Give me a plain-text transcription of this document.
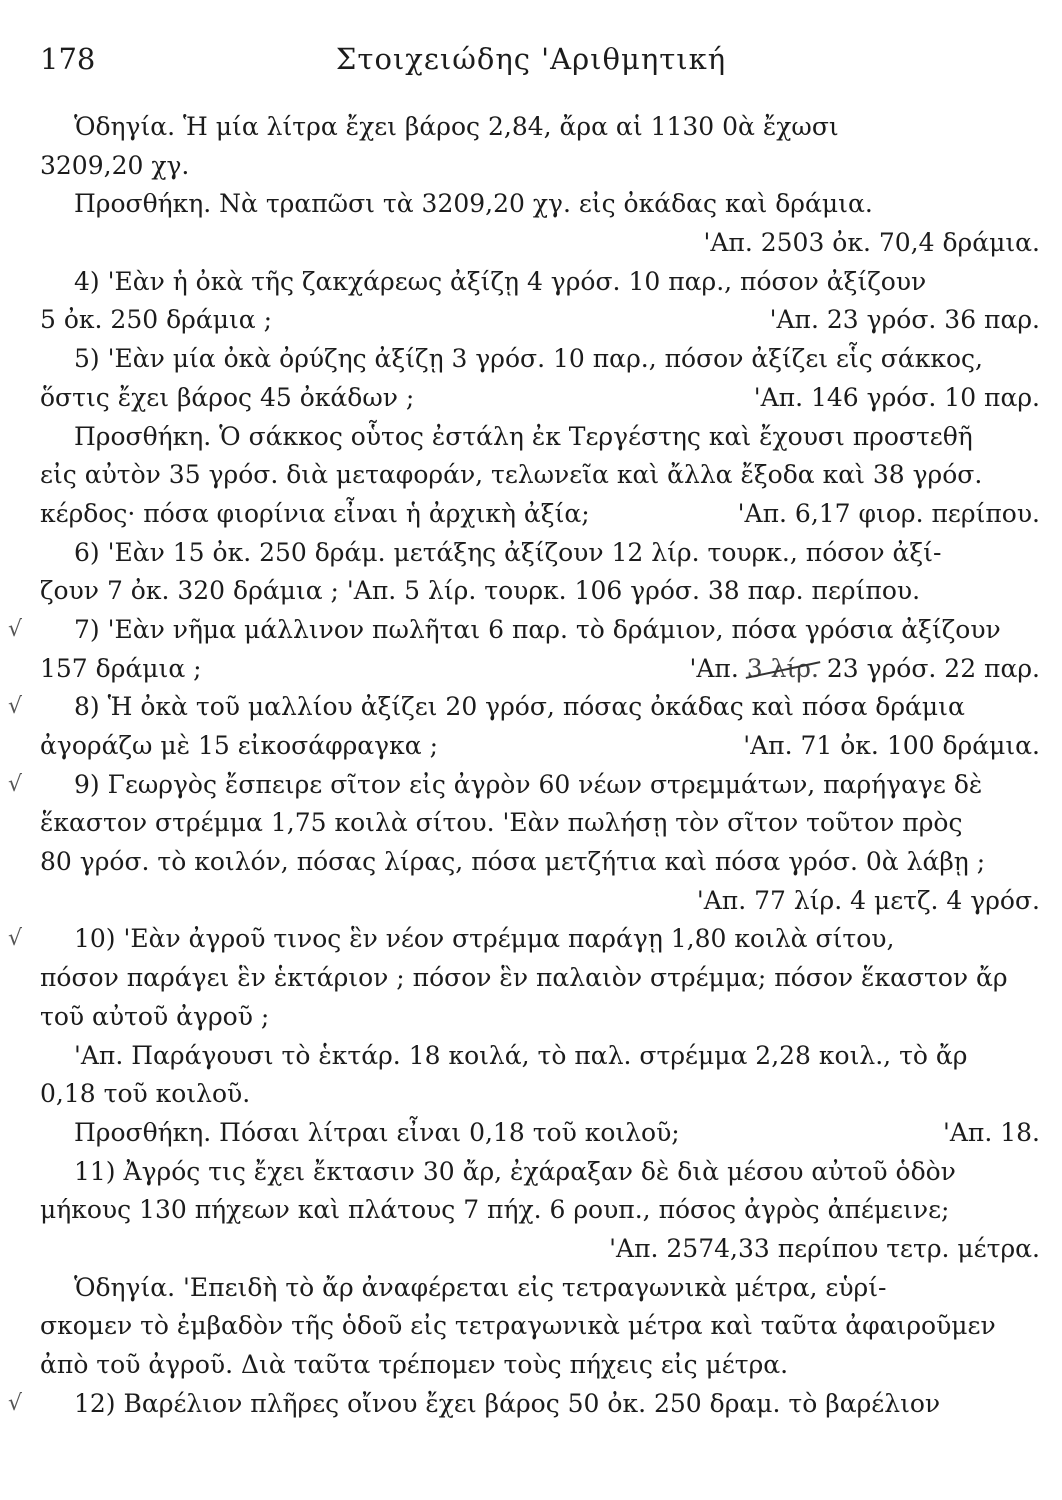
178	Στοιχειώδης 'Αριθμητική
Ὁδηγία. Ἡ μία λίτρα ἔχει βάρος 2,84, ἄρα αἱ 1130 0ὰ ἔχωσι
3209,20 χγ.
Προσθήκη. Νὰ τραπῶσι τὰ 3209,20 χγ. εἰς ὀκάδας καὶ δράμια.
'Απ. 2503 ὀκ. 70,4 δράμια.
4) 'Εὰν ἡ ὀκὰ τῆς ζακχάρεως ἀξίζῃ 4 γρόσ. 10 παρ., πόσον ἀξίζουν
5 ὀκ. 250 δράμια ;	'Απ. 23 γρόσ. 36 παρ.
5) 'Εὰν μία ὀκὰ ὀρύζης ἀξίζῃ 3 γρόσ. 10 παρ., πόσον ἀξίζει εἷς σάκκος,
ὅστις ἔχει βάρος 45 ὀκάδων ;	'Απ. 146 γρόσ. 10 παρ.
Προσθήκη. Ὁ σάκκος οὗτος ἐστάλη ἐκ Τεργέστης καὶ ἔχουσι προστεθῆ
εἰς αὐτὸν 35 γρόσ. διὰ μεταφοράν, τελωνεῖα καὶ ἄλλα ἔξοδα καὶ 38 γρόσ.
κέρδος· πόσα φιορίνια εἶναι ἡ ἀρχικὴ ἀξία;	'Απ. 6,17 φιορ. περίπου.
6) 'Εὰν 15 ὀκ. 250 δράμ. μετάξης ἀξίζουν 12 λίρ. τουρκ., πόσον ἀξί-
ζουν 7 ὀκ. 320 δράμια ; 'Απ. 5 λίρ. τουρκ. 106 γρόσ. 38 παρ. περίπου.
√ 7) 'Εὰν νῆμα μάλλινον πωλῆται 6 παρ. τὸ δράμιον, πόσα γρόσια ἀξίζουν
157 δράμια ;	'Απ. 3 λίρ. 23 γρόσ. 22 παρ.
√ 8) Ἡ ὀκὰ τοῦ μαλλίου ἀξίζει 20 γρόσ, πόσας ὀκάδας καὶ πόσα δράμια
ἀγοράζω μὲ 15 εἰκοσάφραγκα ;	'Απ. 71 ὀκ. 100 δράμια.
√ 9) Γεωργὸς ἔσπειρε σῖτον εἰς ἀγρὸν 60 νέων στρεμμάτων, παρήγαγε δὲ
ἕκαστον στρέμμα 1,75 κοιλὰ σίτου. 'Εὰν πωλήσῃ τὸν σῖτον τοῦτον πρὸς
80 γρόσ. τὸ κοιλόν, πόσας λίρας, πόσα μετζήτια καὶ πόσα γρόσ. 0ὰ λάβῃ ;
'Απ. 77 λίρ. 4 μετζ. 4 γρόσ.
√ 10) 'Εὰν ἀγροῦ τινος ἓν νέον στρέμμα παράγῃ 1,80 κοιλὰ σίτου,
πόσον παράγει ἓν ἑκτάριον ; πόσον ἓν παλαιὸν στρέμμα; πόσον ἕκαστον ἄρ
τοῦ αὐτοῦ ἀγροῦ ;
'Απ. Παράγουσι τὸ ἑκτάρ. 18 κοιλά, τὸ παλ. στρέμμα 2,28 κοιλ., τὸ ἄρ
0,18 τοῦ κοιλοῦ.
Προσθήκη. Πόσαι λίτραι εἶναι 0,18 τοῦ κοιλοῦ;	'Απ. 18.
11) Ἀγρός τις ἔχει ἔκτασιν 30 ἄρ, ἐχάραξαν δὲ διὰ μέσου αὐτοῦ ὁδὸν
μήκους 130 πήχεων καὶ πλάτους 7 πήχ. 6 ρουπ., πόσος ἀγρὸς ἀπέμεινε;
'Απ. 2574,33 περίπου τετρ. μέτρα.
Ὁδηγία. 'Επειδὴ τὸ ἄρ ἀναφέρεται εἰς τετραγωνικὰ μέτρα, εὑρί-
σκομεν τὸ ἐμβαδὸν τῆς ὁδοῦ εἰς τετραγωνικὰ μέτρα καὶ ταῦτα ἀφαιροῦμεν
ἀπὸ τοῦ ἀγροῦ. Διὰ ταῦτα τρέπομεν τοὺς πήχεις εἰς μέτρα.
√ 12) Βαρέλιον πλῆρες οἴνου ἔχει βάρος 50 ὀκ. 250 δραμ. τὸ βαρέλιον
